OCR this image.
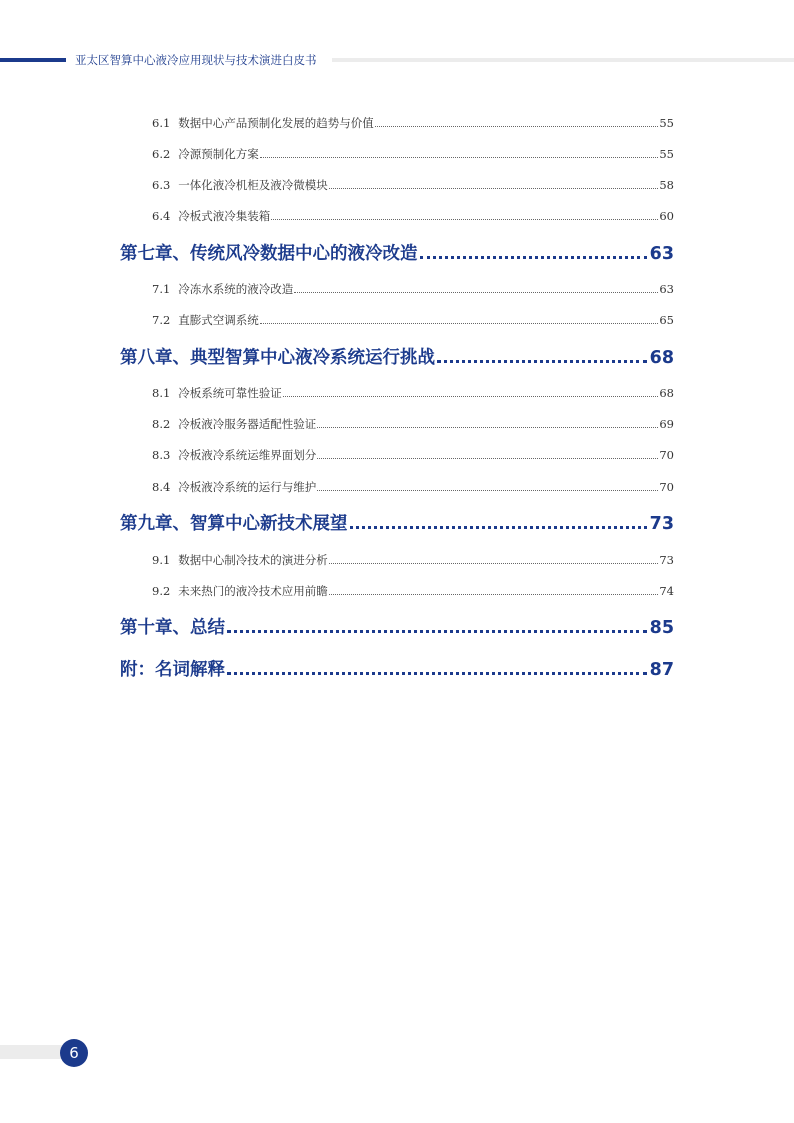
亚太区智算中心液冷应用现状与技术演进白皮书
6.1 数据中心产品预制化发展的趋势与价值	55
6.2 冷源预制化方案	55
6.3 一体化液冷机柜及液冷微模块	58
6.4 冷板式液冷集装箱	60
第七章、传统风冷数据中心的液冷改造	63
7.1 冷冻水系统的液冷改造	63
7.2 直膨式空调系统	65
第八章、典型智算中心液冷系统运行挑战	68
8.1 冷板系统可靠性验证	68
8.2 冷板液冷服务器适配性验证	69
8.3 冷板液冷系统运维界面划分	70
8.4 冷板液冷系统的运行与维护	70
第九章、智算中心新技术展望	73
9.1 数据中心制冷技术的演进分析	73
9.2 未来热门的液冷技术应用前瞻	74
第十章、总结	85
附：名词解释	87
6
